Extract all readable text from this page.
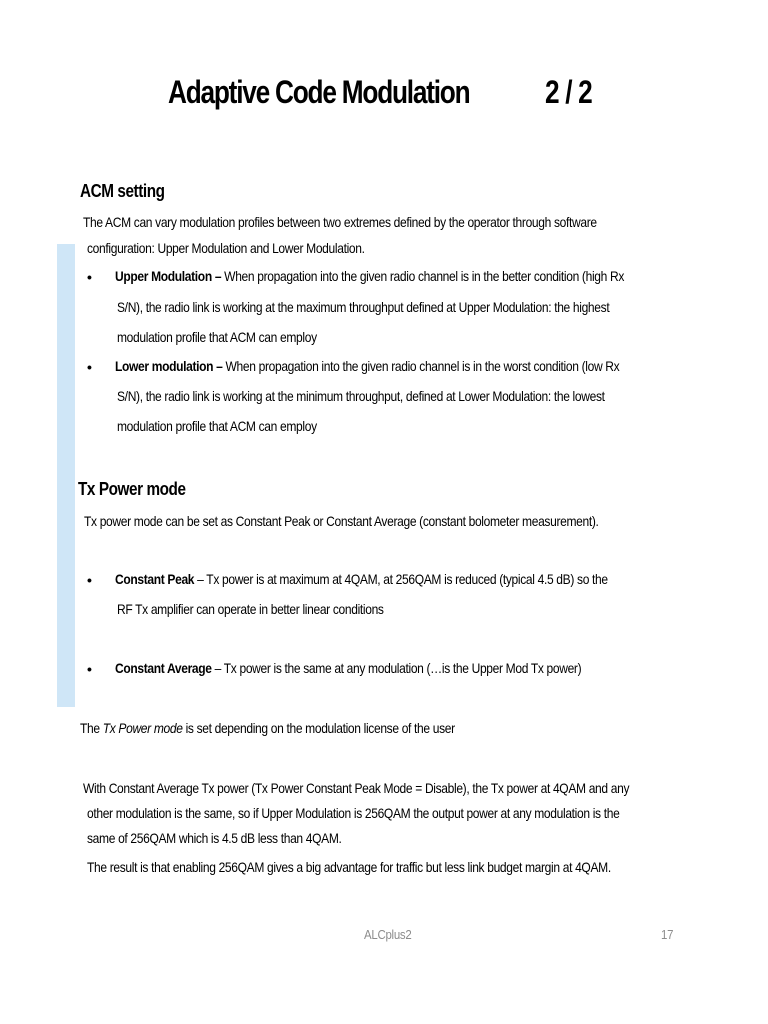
Adaptive Code Modulation 2 / 2
ACM setting
The ACM can vary modulation profiles between two extremes defined by the operator through software
configuration: Upper Modulation and Lower Modulation.
• Upper Modulation – When propagation into the given radio channel is in the better condition (high Rx
S/N), the radio link is working at the maximum throughput defined at Upper Modulation: the highest
modulation profile that ACM can employ
• Lower modulation – When propagation into the given radio channel is in the worst condition (low Rx
S/N), the radio link is working at the minimum throughput, defined at Lower Modulation: the lowest
modulation profile that ACM can employ
Tx Power mode
Tx power mode can be set as Constant Peak or Constant Average (constant bolometer measurement).
• Constant Peak – Tx power is at maximum at 4QAM, at 256QAM is reduced (typical 4.5 dB) so the
RF Tx amplifier can operate in better linear conditions
• Constant Average – Tx power is the same at any modulation (…is the Upper Mod Tx power)
The Tx Power mode is set depending on the modulation license of the user
With Constant Average Tx power (Tx Power Constant Peak Mode = Disable), the Tx power at 4QAM and any
other modulation is the same, so if Upper Modulation is 256QAM the output power at any modulation is the
same of 256QAM which is 4.5 dB less than 4QAM.
The result is that enabling 256QAM gives a big advantage for traffic but less link budget margin at 4QAM.
ALCplus2	17
